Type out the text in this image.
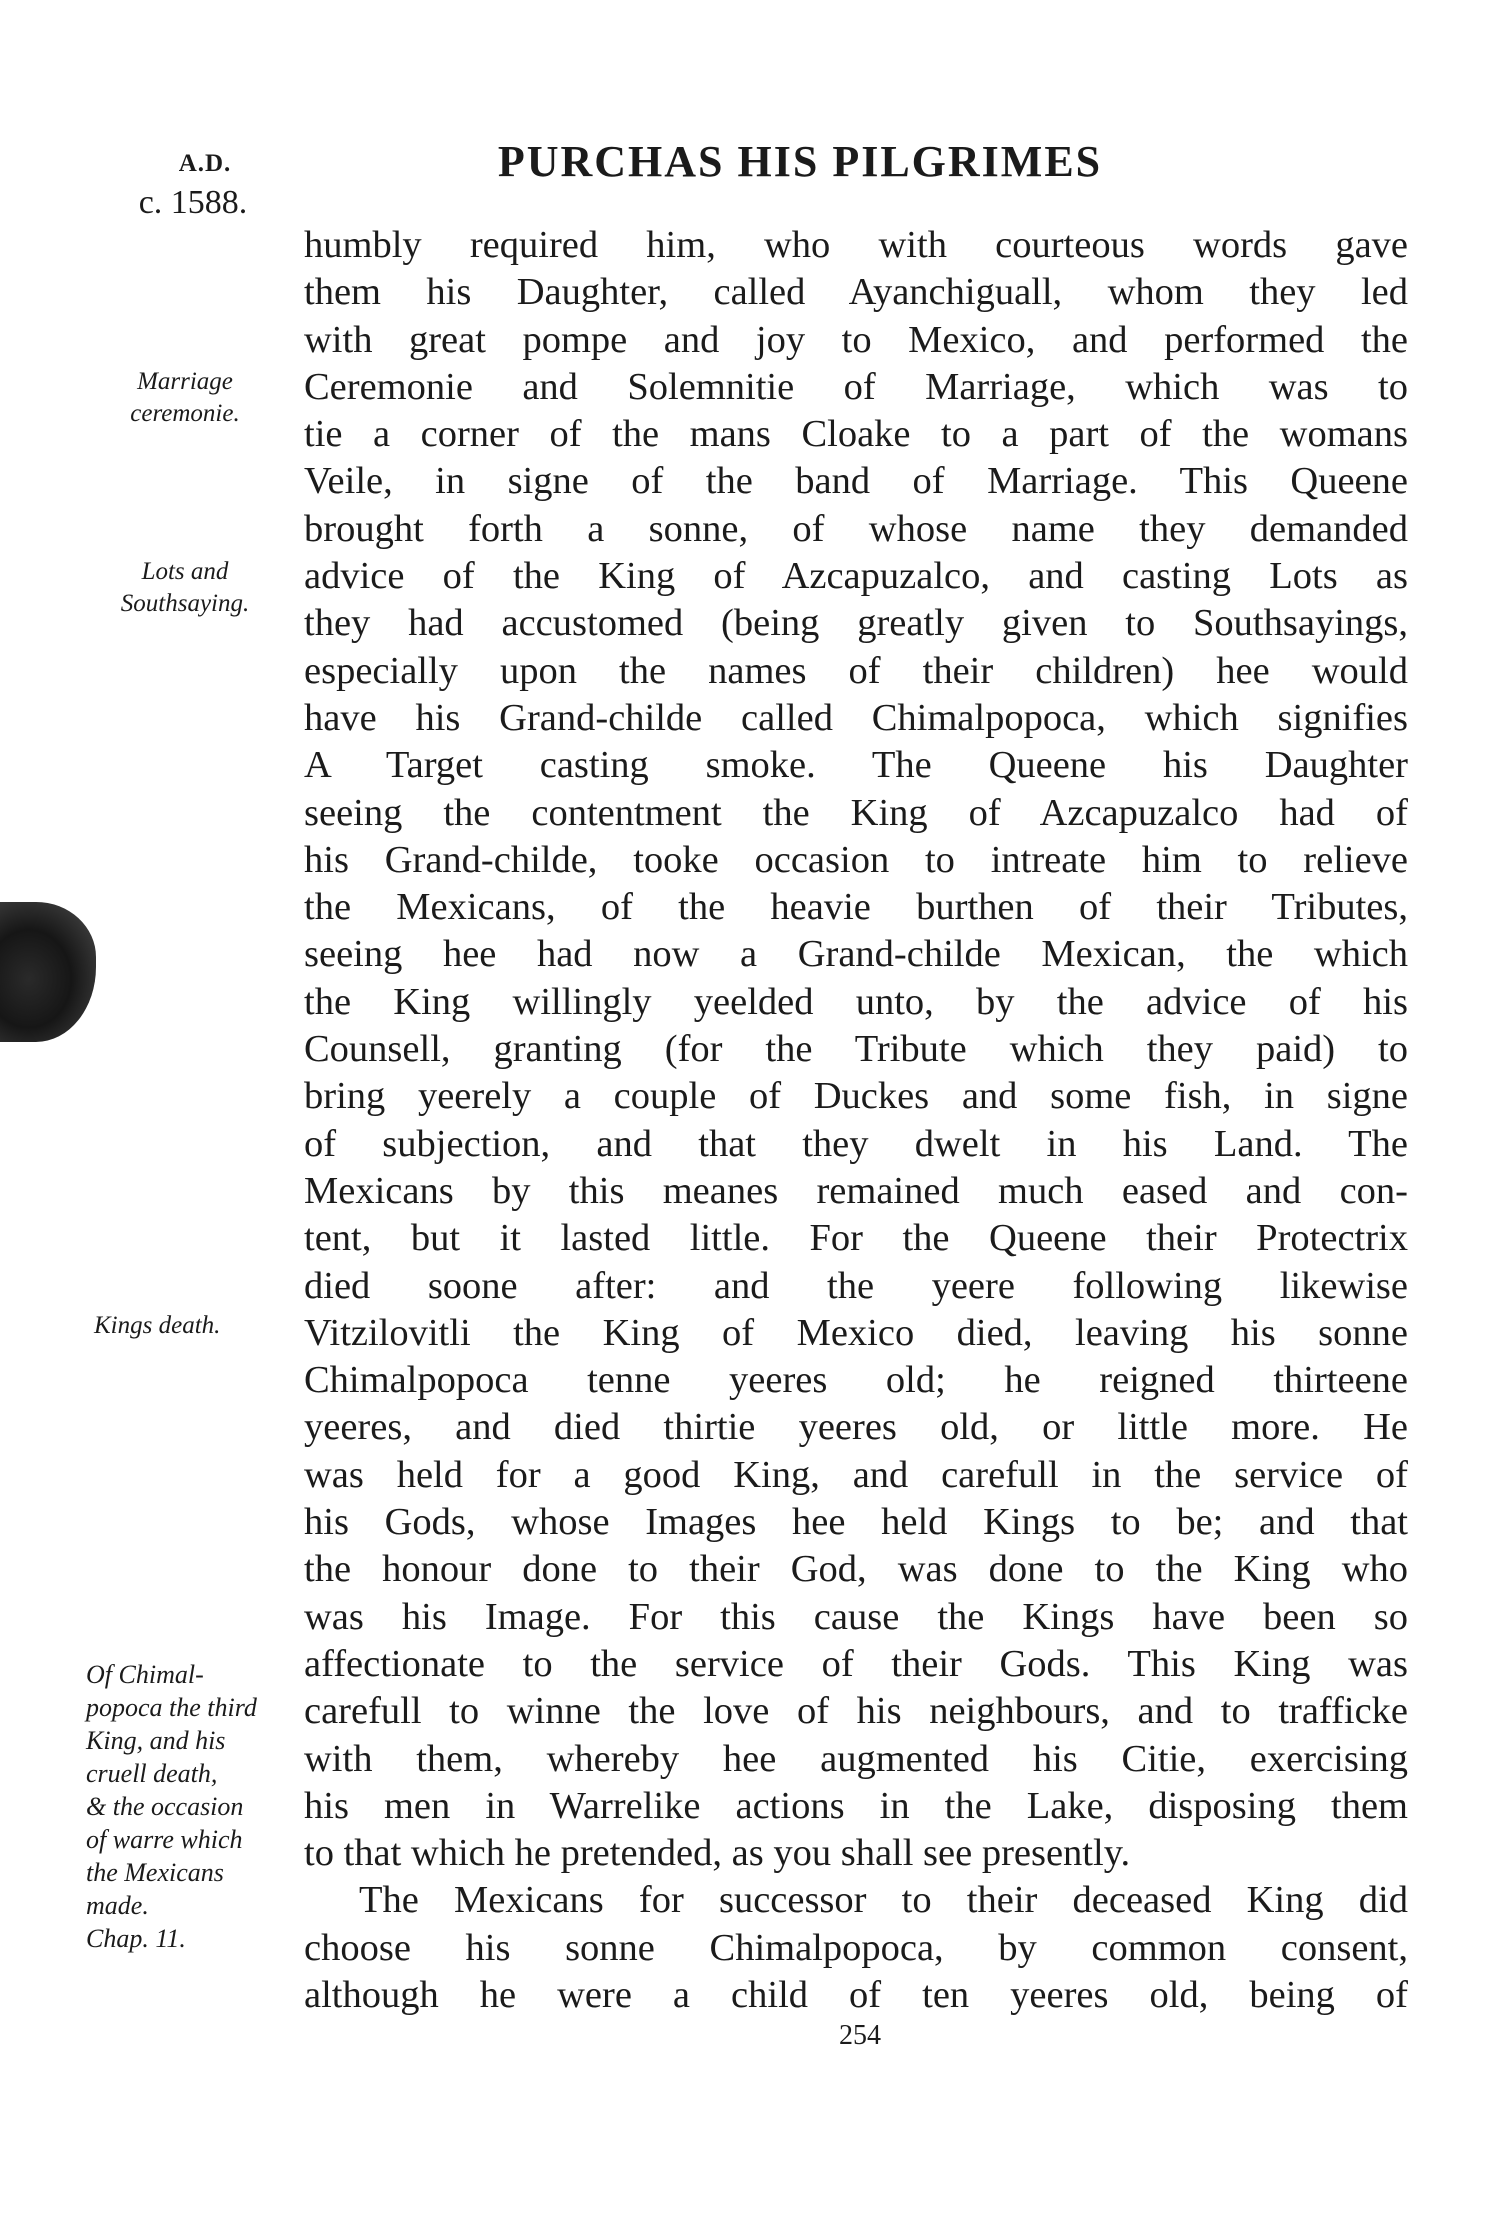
A.D.
c. 1588.
PURCHAS HIS PILGRIMES
Marriage
ceremonie.
Lots and
Southsaying.
Kings death.
Of Chimal-
popoca the third
King, and his
cruell death,
& the occasion
of warre which
the Mexicans
made.
Chap. 11.
humbly required him, who with courteous words gave
them his Daughter, called Ayanchiguall, whom they led
with great pompe and joy to Mexico, and performed the
Ceremonie and Solemnitie of Marriage, which was to
tie a corner of the mans Cloake to a part of the womans
Veile, in signe of the band of Marriage. This Queene
brought forth a sonne, of whose name they demanded
advice of the King of Azcapuzalco, and casting Lots as
they had accustomed (being greatly given to Southsayings,
especially upon the names of their children) hee would
have his Grand-childe called Chimalpopoca, which signifies
A Target casting smoke. The Queene his Daughter
seeing the contentment the King of Azcapuzalco had of
his Grand-childe, tooke occasion to intreate him to relieve
the Mexicans, of the heavie burthen of their Tributes,
seeing hee had now a Grand-childe Mexican, the which
the King willingly yeelded unto, by the advice of his
Counsell, granting (for the Tribute which they paid) to
bring yeerely a couple of Duckes and some fish, in signe
of subjection, and that they dwelt in his Land. The
Mexicans by this meanes remained much eased and con-
tent, but it lasted little. For the Queene their Protectrix
died soone after: and the yeere following likewise
Vitzilovitli the King of Mexico died, leaving his sonne
Chimalpopoca tenne yeeres old; he reigned thirteene
yeeres, and died thirtie yeeres old, or little more. He
was held for a good King, and carefull in the service of
his Gods, whose Images hee held Kings to be; and that
the honour done to their God, was done to the King who
was his Image. For this cause the Kings have been so
affectionate to the service of their Gods. This King was
carefull to winne the love of his neighbours, and to trafficke
with them, whereby hee augmented his Citie, exercising
his men in Warrelike actions in the Lake, disposing them
to that which he pretended, as you shall see presently.
The Mexicans for successor to their deceased King did
choose his sonne Chimalpopoca, by common consent,
although he were a child of ten yeeres old, being of
254
